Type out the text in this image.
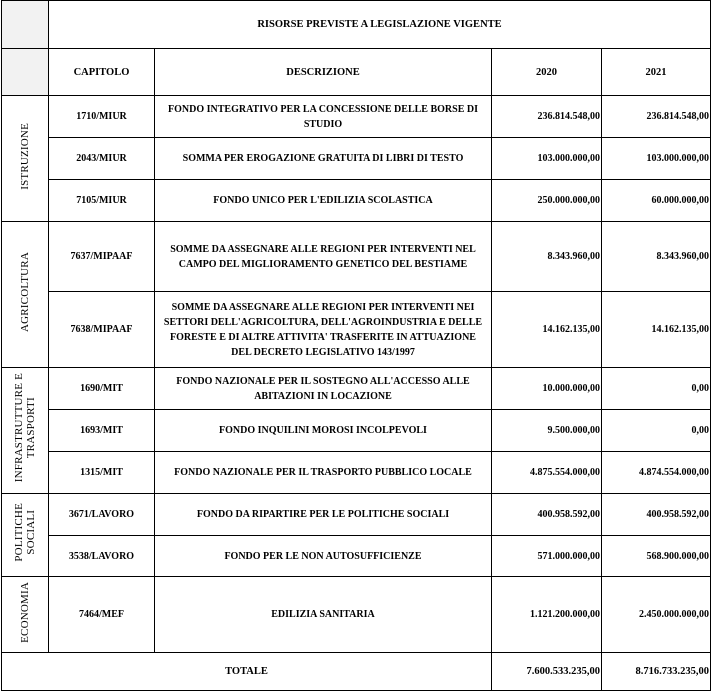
	RISORSE PREVISTE A LEGISLAZIONE VIGENTE			
	CAPITOLO	DESCRIZIONE	2020	2021
ISTRUZIONE	1710/MIUR	FONDO INTEGRATIVO PER LA CONCESSIONE DELLE BORSE DI STUDIO	236.814.548,00	236.814.548,00
	2043/MIUR	SOMMA PER EROGAZIONE GRATUITA DI LIBRI DI TESTO	103.000.000,00	103.000.000,00
	7105/MIUR	FONDO UNICO PER L'EDILIZIA SCOLASTICA	250.000.000,00	60.000.000,00
AGRICOLTURA	7637/MIPAAF	SOMME DA ASSEGNARE ALLE REGIONI PER INTERVENTI NEL CAMPO DEL MIGLIORAMENTO GENETICO DEL BESTIAME	8.343.960,00	8.343.960,00
	7638/MIPAAF	SOMME DA ASSEGNARE ALLE REGIONI PER INTERVENTI NEI SETTORI DELL'AGRICOLTURA, DELL'AGROINDUSTRIA E DELLE FORESTE E DI ALTRE ATTIVITA' TRASFERITE IN ATTUAZIONE DEL DECRETO LEGISLATIVO 143/1997	14.162.135,00	14.162.135,00
INFRASTRUTTURE E
TRASPORTI	1690/MIT	FONDO NAZIONALE PER IL SOSTEGNO ALL'ACCESSO ALLE ABITAZIONI IN LOCAZIONE	10.000.000,00	0,00
	1693/MIT	FONDO INQUILINI MOROSI INCOLPEVOLI	9.500.000,00	0,00
	1315/MIT	FONDO NAZIONALE PER IL TRASPORTO PUBBLICO LOCALE	4.875.554.000,00	4.874.554.000,00
POLITICHE
SOCIALI	3671/LAVORO	FONDO DA RIPARTIRE PER LE POLITICHE SOCIALI	400.958.592,00	400.958.592,00
	3538/LAVORO	FONDO PER LE NON AUTOSUFFICIENZE	571.000.000,00	568.900.000,00
ECONOMIA	7464/MEF	EDILIZIA SANITARIA	1.121.200.000,00	2.450.000.000,00
TOTALE			7.600.533.235,00	8.716.733.235,00
